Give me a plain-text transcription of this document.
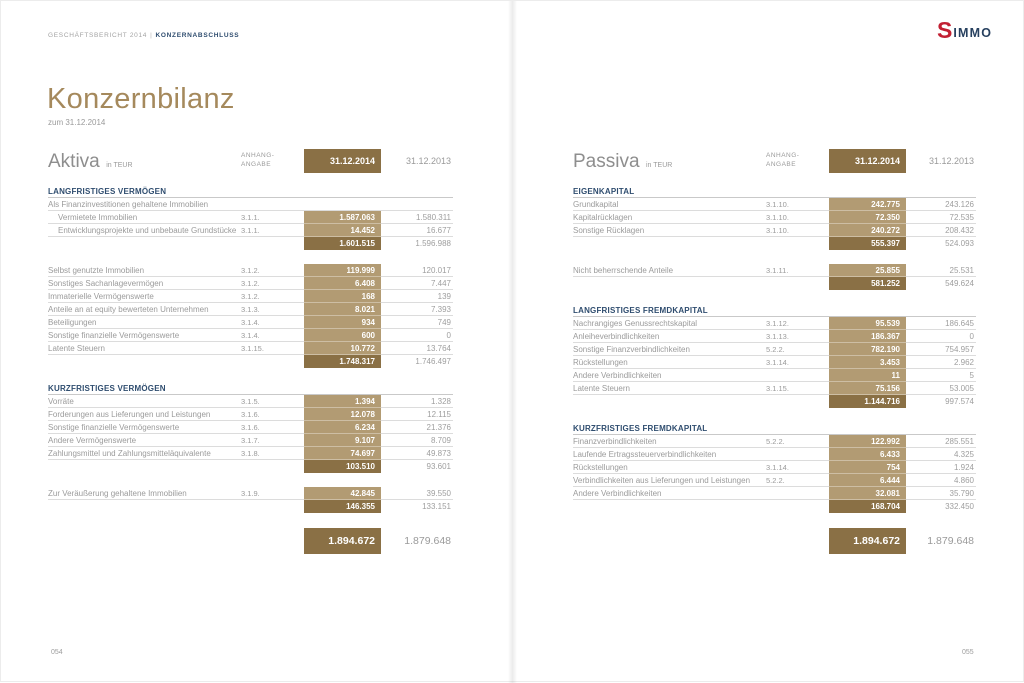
GESCHÄFTSBERICHT 2014 | KONZERNABSCHLUSS	S IMMO
Konzernbilanz
zum 31.12.2014
Aktiva in TEUR
ANHANG-
ANGABE	31.12.2014	31.12.2013
LANGFRISTIGES VERMÖGEN
Als Finanzinvestitionen gehaltene Immobilien
Vermietete Immobilien	3.1.1.	1.587.063	1.580.311
Entwicklungsprojekte und unbebaute Grundstücke 3.1.1.	14.452	16.677
1.601.515	1.596.988
Selbst genutzte Immobilien	3.1.2.	119.999	120.017
Sonstiges Sachanlagevermögen	3.1.2.	6.408	7.447
Immaterielle Vermögenswerte	3.1.2.	168	139
Anteile an at equity bewerteten Unternehmen	3.1.3.	8.021	7.393
Beteiligungen	3.1.4.	934	749
Sonstige finanzielle Vermögenswerte	3.1.4.	600	0
Latente Steuern	3.1.15.	10.772	13.764
1.748.317	1.746.497
KURZFRISTIGES VERMÖGEN
Vorräte	3.1.5.	1.394	1.328
Forderungen aus Lieferungen und Leistungen	3.1.6.	12.078	12.115
Sonstige finanzielle Vermögenswerte	3.1.6.	6.234	21.376
Andere Vermögenswerte	3.1.7.	9.107	8.709
Zahlungsmittel und Zahlungsmitteläquivalente	3.1.8.	74.697	49.873
103.510	93.601
Zur Veräußerung gehaltene Immobilien	3.1.9.	42.845	39.550
146.355	133.151
1.894.672	1.879.648
Passiva in TEUR
ANHANG-
ANGABE	31.12.2014	31.12.2013
EIGENKAPITAL
Grundkapital	3.1.10.	242.775	243.126
Kapitalrücklagen	3.1.10.	72.350	72.535
Sonstige Rücklagen	3.1.10.	240.272	208.432
555.397	524.093
Nicht beherrschende Anteile	3.1.11.	25.855	25.531
581.252	549.624
LANGFRISTIGES FREMDKAPITAL
Nachrangiges Genussrechtskapital	3.1.12.	95.539	186.645
Anleiheverbindlichkeiten	3.1.13.	186.367	0
Sonstige Finanzverbindlichkeiten	5.2.2.	782.190	754.957
Rückstellungen	3.1.14.	3.453	2.962
Andere Verbindlichkeiten	11	5
Latente Steuern	3.1.15.	75.156	53.005
1.144.716	997.574
KURZFRISTIGES FREMDKAPITAL
Finanzverbindlichkeiten	5.2.2.	122.992	285.551
Laufende Ertragssteuerverbindlichkeiten	6.433	4.325
Rückstellungen	3.1.14.	754	1.924
Verbindlichkeiten aus Lieferungen und Leistungen	5.2.2.	6.444	4.860
Andere Verbindlichkeiten	32.081	35.790
168.704	332.450
1.894.672	1.879.648
054	055
